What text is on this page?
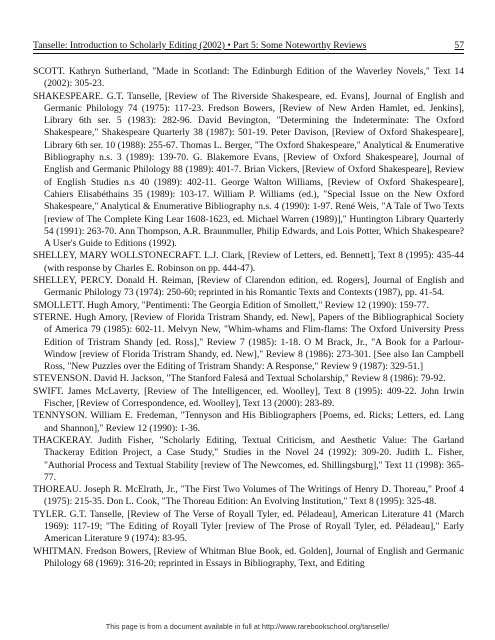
Tanselle: Introduction to Scholarly Editing (2002) • Part 5: Some Noteworthy Reviews	57

SCOTT. Kathryn Sutherland, "Made in Scotland: The Edinburgh Edition of the Waverley Novels," Text 14 (2002): 305-23.

SHAKESPEARE. G.T. Tanselle, [Review of The Riverside Shakespeare, ed. Evans], Journal of English and Germanic Philology 74 (1975): 117-23. Fredson Bowers, [Review of New Arden Hamlet, ed. Jenkins], Library 6th ser. 5 (1983): 282-96. David Bevington, "Determining the Indeterminate: The Oxford Shakespeare," Shakespeare Quarterly 38 (1987): 501-19. Peter Davison, [Review of Oxford Shakespeare], Library 6th ser. 10 (1988): 255-67. Thomas L. Berger, "The Oxford Shakespeare," Analytical & Enumerative Bibliography n.s. 3 (1989): 139-70. G. Blakemore Evans, [Review of Oxford Shakespeare], Journal of English and Germanic Philology 88 (1989): 401-7. Brian Vickers, [Review of Oxford Shakespeare], Review of English Studies n.s 40 (1989): 402-11. George Walton Williams, [Review of Oxford Shakespeare], Cahiers Elisabéthains 35 (1989): 103-17. William P. Williams (ed.), "Special Issue on the New Oxford Shakespeare," Analytical & Enumerative Bibliography n.s. 4 (1990): 1-97. René Weis, "A Tale of Two Texts [review of The Complete King Lear 1608-1623, ed. Michael Warren (1989)]," Huntington Library Quarterly 54 (1991): 263-70. Ann Thompson, A.R. Braunmuller, Philip Edwards, and Lois Potter, Which Shakespeare? A User's Guide to Editions (1992).

SHELLEY, MARY WOLLSTONECRAFT. L.J. Clark, [Review of Letters, ed. Bennett], Text 8 (1995): 435-44 (with response by Charles E. Robinson on pp. 444-47).

SHELLEY, PERCY. Donald H. Reiman, [Review of Clarendon edition, ed. Rogers], Journal of English and Germanic Philology 73 (1974): 250-60; reprinted in his Romantic Texts and Contexts (1987), pp. 41-54.

SMOLLETT. Hugh Amory, "Pentimenti: The Georgia Edition of Smollett," Review 12 (1990): 159-77.

STERNE. Hugh Amory, [Review of Florida Tristram Shandy, ed. New], Papers of the Bibliographical Society of America 79 (1985): 602-11. Melvyn New, "Whim-whams and Flim-flams: The Oxford University Press Edition of Tristram Shandy [ed. Ross]," Review 7 (1985): 1-18. O M Brack, Jr., "A Book for a Parlour-Window [review of Florida Tristram Shandy, ed. New]," Review 8 (1986): 273-301. [See also Ian Campbell Ross, "New Puzzles over the Editing of Tristram Shandy: A Response," Review 9 (1987): 329-51.]

STEVENSON. David H. Jackson, "The Stanford Falesá and Textual Scholarship," Review 8 (1986): 79-92.

SWIFT. James McLaverty, [Review of The Intelligencer, ed. Woolley], Text 8 (1995): 409-22. John Irwin Fischer, [Review of Correspondence, ed. Woolley], Text 13 (2000): 283-89.

TENNYSON. William E. Fredeman, "Tennyson and His Bibliographers [Poems, ed. Ricks; Letters, ed. Lang and Shannon]," Review 12 (1990): 1-36.

THACKERAY. Judith Fisher, "Scholarly Editing, Textual Criticism, and Aesthetic Value: The Garland Thackeray Edition Project, a Case Study," Studies in the Novel 24 (1992): 309-20. Judith L. Fisher, "Authorial Process and Textual Stability [review of The Newcomes, ed. Shillingsburg]," Text 11 (1998): 365-77.

THOREAU. Joseph R. McElrath, Jr., "The First Two Volumes of The Writings of Henry D. Thoreau," Proof 4 (1975): 215-35. Don L. Cook, "The Thoreau Edition: An Evolving Institution," Text 8 (1995): 325-48.

TYLER. G.T. Tanselle, [Review of The Verse of Royall Tyler, ed. Péladeau], American Literature 41 (March 1969): 117-19; "The Editing of Royall Tyler [review of The Prose of Royall Tyler, ed. Péladeau]," Early American Literature 9 (1974): 83-95.

WHITMAN. Fredson Bowers, [Review of Whitman Blue Book, ed. Golden], Journal of English and Germanic Philology 68 (1969): 316-20; reprinted in Essays in Bibliography, Text, and Editing

This page is from a document available in full at http://www.rarebookschool.org/tanselle/
